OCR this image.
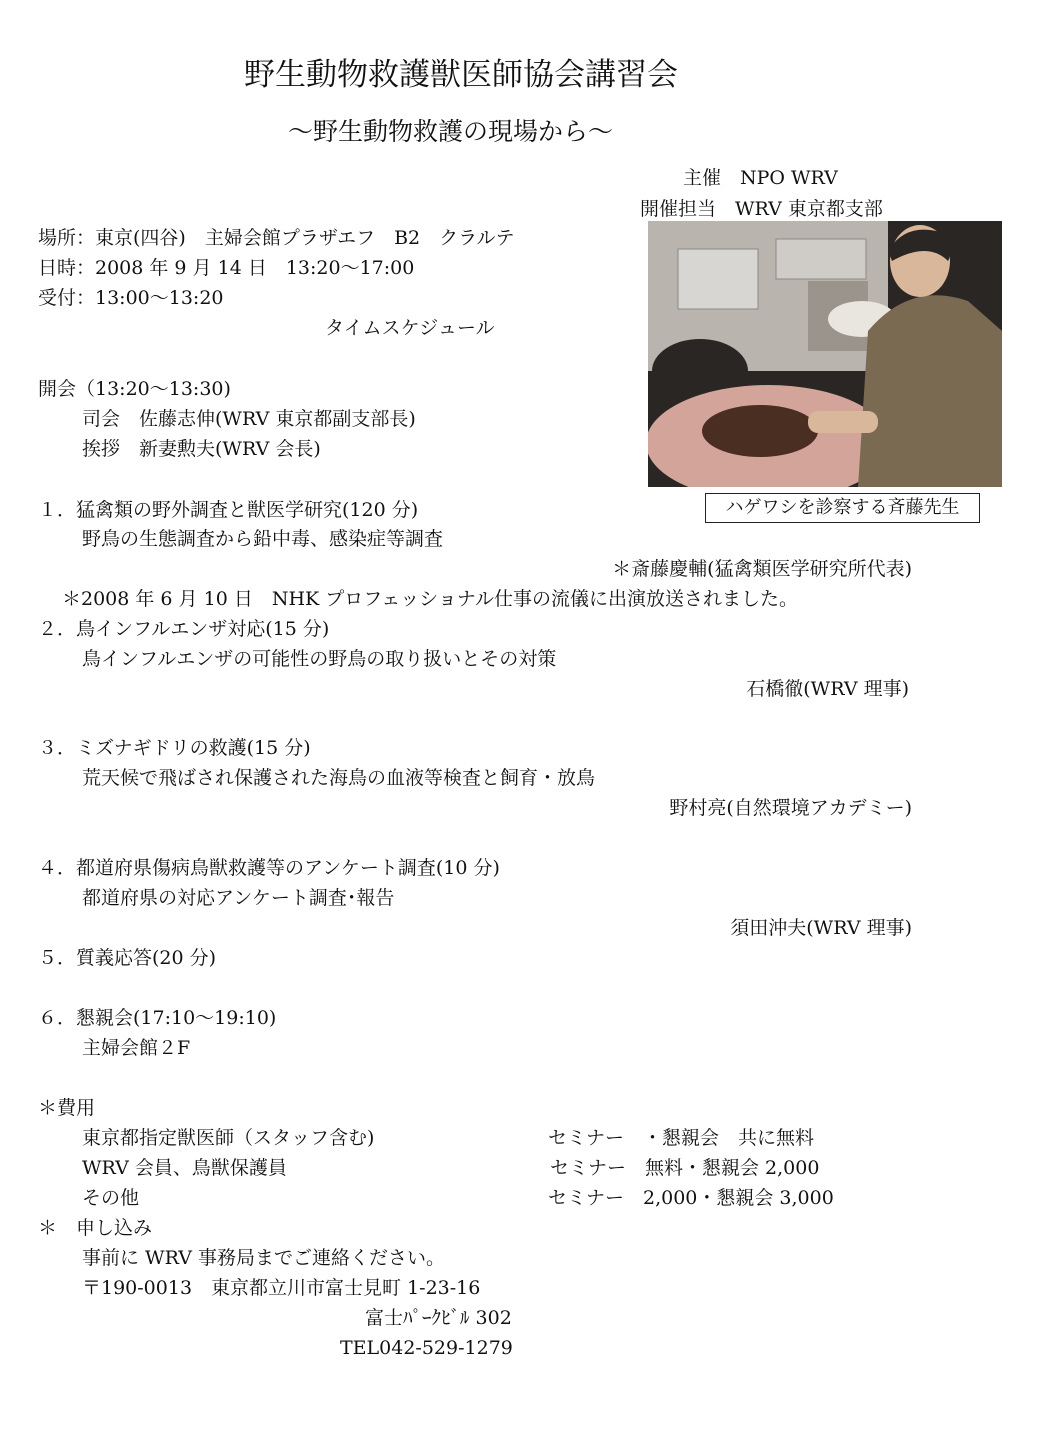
野生動物救護獣医師協会講習会
～野生動物救護の現場から～
主催　NPO WRV
開催担当　WRV 東京都支部
場所：東京(四谷)　主婦会館プラザエフ　B2　クラルテ
日時：2008 年 9 月 14 日　13:20～17:00
受付：13:00～13:20
タイムスケジュール
ハゲワシを診察する斉藤先生
開会（13:20～13:30)
司会　佐藤志伸(WRV 東京都副支部長)
挨拶　新妻勲夫(WRV 会長)
１．猛禽類の野外調査と獣医学研究(120 分)
野鳥の生態調査から鉛中毒、感染症等調査
＊斎藤慶輔(猛禽類医学研究所代表)
＊2008 年 6 月 10 日　NHK プロフェッショナル仕事の流儀に出演放送されました。
２．鳥インフルエンザ対応(15 分)
鳥インフルエンザの可能性の野鳥の取り扱いとその対策
石橋徹(WRV 理事)
３．ミズナギドリの救護(15 分)
荒天候で飛ばされ保護された海鳥の血液等検査と飼育・放鳥
野村亮(自然環境アカデミー)
４．都道府県傷病鳥獣救護等のアンケート調査(10 分)
都道府県の対応アンケート調査･報告
須田沖夫(WRV 理事)
５．質義応答(20 分)
６．懇親会(17:10～19:10)
主婦会館２F
＊費用
東京都指定獣医師（スタッフ含む)	セミナー　・懇親会　共に無料
WRV 会員、鳥獣保護員	セミナー　無料・懇親会 2,000
その他	セミナー　2,000・懇親会 3,000
＊　申し込み
事前に WRV 事務局までご連絡ください。
〒190-0013　東京都立川市富士見町 1-23-16
富士ﾊﾟｰｸﾋﾞﾙ 302
TEL042-529-1279
